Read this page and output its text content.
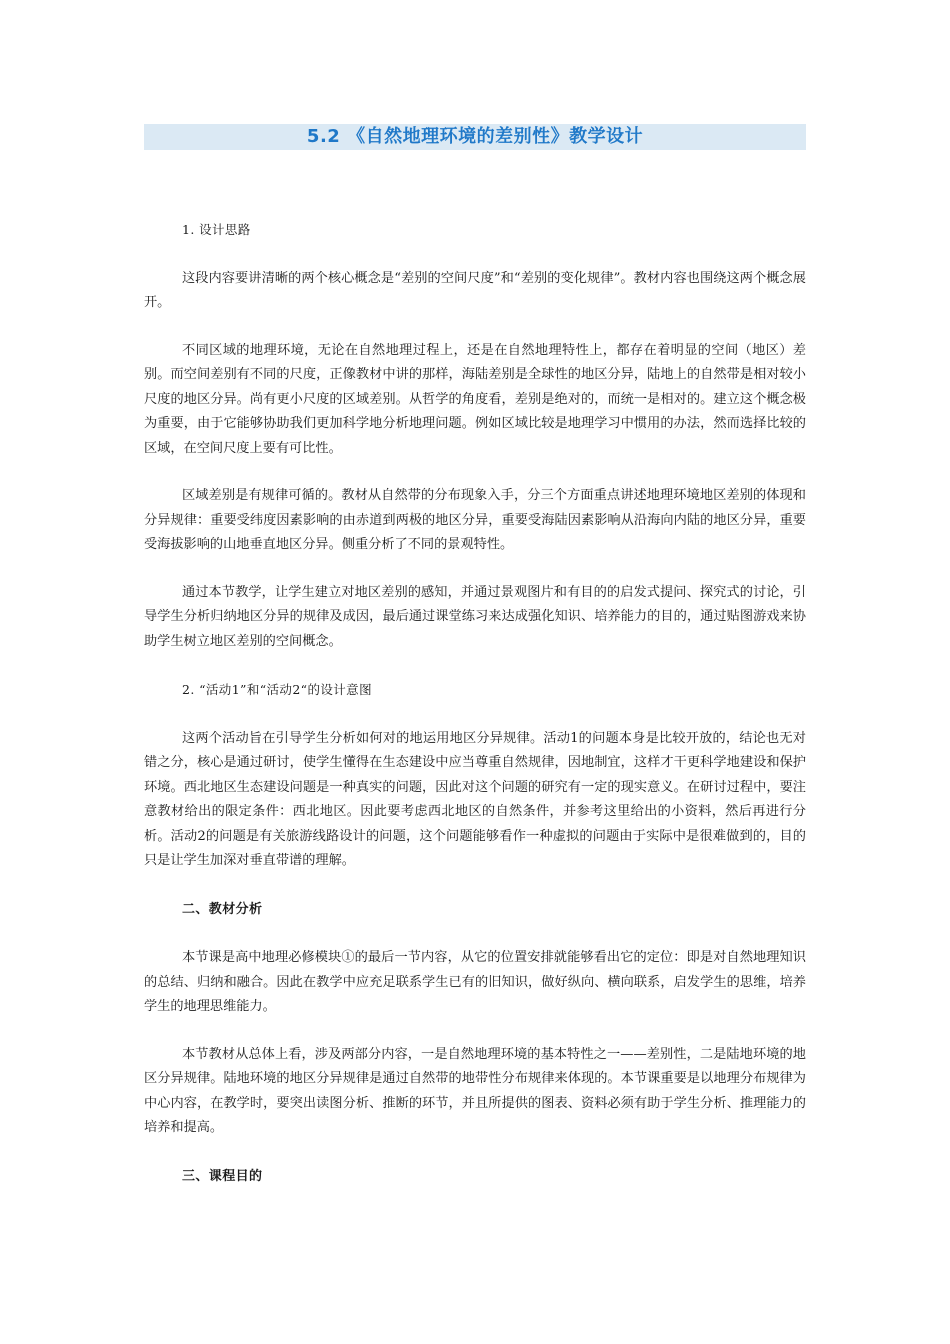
5.2 《自然地理环境的差别性》教学设计

1. 设计思路

这段内容要讲清晰的两个核心概念是“差别的空间尺度”和“差别的变化规律”。教材内容也围绕这两个概念展开。

不同区域的地理环境，无论在自然地理过程上，还是在自然地理特性上，都存在着明显的空间（地区）差别。而空间差别有不同的尺度，正像教材中讲的那样，海陆差别是全球性的地区分异，陆地上的自然带是相对较小尺度的地区分异。尚有更小尺度的区域差别。从哲学的角度看，差别是绝对的，而统一是相对的。建立这个概念极为重要，由于它能够协助我们更加科学地分析地理问题。例如区域比较是地理学习中惯用的办法，然而选择比较的区域，在空间尺度上要有可比性。

区域差别是有规律可循的。教材从自然带的分布现象入手，分三个方面重点讲述地理环境地区差别的体现和分异规律：重要受纬度因素影响的由赤道到两极的地区分异，重要受海陆因素影响从沿海向内陆的地区分异，重要受海拔影响的山地垂直地区分异。侧重分析了不同的景观特性。

通过本节教学，让学生建立对地区差别的感知，并通过景观图片和有目的的启发式提问、探究式的讨论，引导学生分析归纳地区分异的规律及成因，最后通过课堂练习来达成强化知识、培养能力的目的，通过贴图游戏来协助学生树立地区差别的空间概念。

2. “活动1”和“活动2“的设计意图

这两个活动旨在引导学生分析如何对的地运用地区分异规律。活动1的问题本身是比较开放的，结论也无对错之分，核心是通过研讨，使学生懂得在生态建设中应当尊重自然规律，因地制宜，这样才干更科学地建设和保护环境。西北地区生态建设问题是一种真实的问题，因此对这个问题的研究有一定的现实意义。在研讨过程中，要注意教材给出的限定条件：西北地区。因此要考虑西北地区的自然条件，并参考这里给出的小资料，然后再进行分析。活动2的问题是有关旅游线路设计的问题，这个问题能够看作一种虚拟的问题由于实际中是很难做到的，目的只是让学生加深对垂直带谱的理解。

二、教材分析

本节课是高中地理必修模块①的最后一节内容，从它的位置安排就能够看出它的定位：即是对自然地理知识的总结、归纳和融合。因此在教学中应充足联系学生已有的旧知识，做好纵向、横向联系，启发学生的思维，培养学生的地理思维能力。

本节教材从总体上看，涉及两部分内容，一是自然地理环境的基本特性之一——差别性，二是陆地环境的地区分异规律。陆地环境的地区分异规律是通过自然带的地带性分布规律来体现的。本节课重要是以地理分布规律为中心内容，在教学时，要突出读图分析、推断的环节，并且所提供的图表、资料必须有助于学生分析、推理能力的培养和提高。

三、课程目的
